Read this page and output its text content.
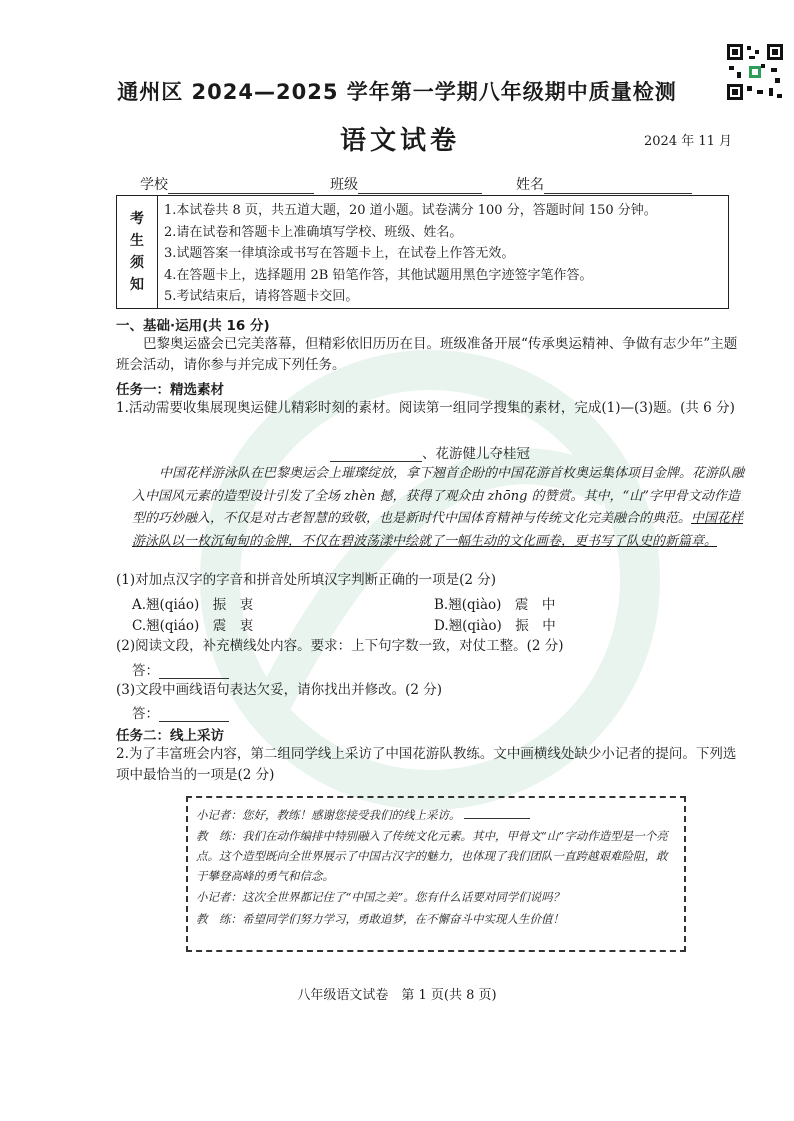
通州区 2024—2025 学年第一学期八年级期中质量检测
语文试卷	2024 年 11 月
学校	班级	姓名
考
生
须
知
1.本试卷共 8 页，共五道大题，20 道小题。试卷满分 100 分，答题时间 150 分钟。
2.请在试卷和答题卡上准确填写学校、班级、姓名。
3.试题答案一律填涂或书写在答题卡上，在试卷上作答无效。
4.在答题卡上，选择题用 2B 铅笔作答，其他试题用黑色字迹签字笔作答。
5.考试结束后，请将答题卡交回。
一、基础·运用(共 16 分)
巴黎奥运盛会已完美落幕，但精彩依旧历历在目。班级准备开展“传承奥运精神、争做有志少年”主题班会活动，请你参与并完成下列任务。
任务一：精选素材
1.活动需要收集展现奥运健儿精彩时刻的素材。阅读第一组同学搜集的素材，完成(1)—(3)题。(共 6 分)
、花游健儿夺桂冠
中国花样游泳队在巴黎奥运会上璀璨绽放，拿下翘首企盼的中国花游首枚奥运集体项目金牌。花游队融入中国风元素的造型设计引发了全场 zhèn 撼，获得了观众由 zhōng 的赞赏。其中，“山”字甲骨文动作造型的巧妙融入，不仅是对古老智慧的致敬，也是新时代中国体育精神与传统文化完美融合的典范。中国花样游泳队以一枚沉甸甸的金牌，不仅在碧波荡漾中绘就了一幅生动的文化画卷，更书写了队史的新篇章。
(1)对加点汉字的字音和拼音处所填汉字判断正确的一项是(2 分)
A.翘(qiáo)　振　衷	B.翘(qiào)　震　中
C.翘(qiáo)　震　衷	D.翘(qiào)　振　中
(2)阅读文段，补充横线处内容。要求：上下句字数一致，对仗工整。(2 分)
答：
(3)文段中画线语句表达欠妥，请你找出并修改。(2 分)
答：
任务二：线上采访
2.为了丰富班会内容，第二组同学线上采访了中国花游队教练。文中画横线处缺少小记者的提问。下列选项中最恰当的一项是(2 分)
小记者：您好，教练！感谢您接受我们的线上采访。
教　练：我们在动作编排中特别融入了传统文化元素。其中，甲骨文“山”字动作造型是一个亮点。这个造型既向全世界展示了中国古汉字的魅力，也体现了我们团队一直跨越艰难险阻，敢于攀登高峰的勇气和信念。
小记者：这次全世界都记住了“中国之美”。您有什么话要对同学们说吗？
教　练：希望同学们努力学习，勇敢追梦，在不懈奋斗中实现人生价值！
八年级语文试卷　第 1 页(共 8 页)
